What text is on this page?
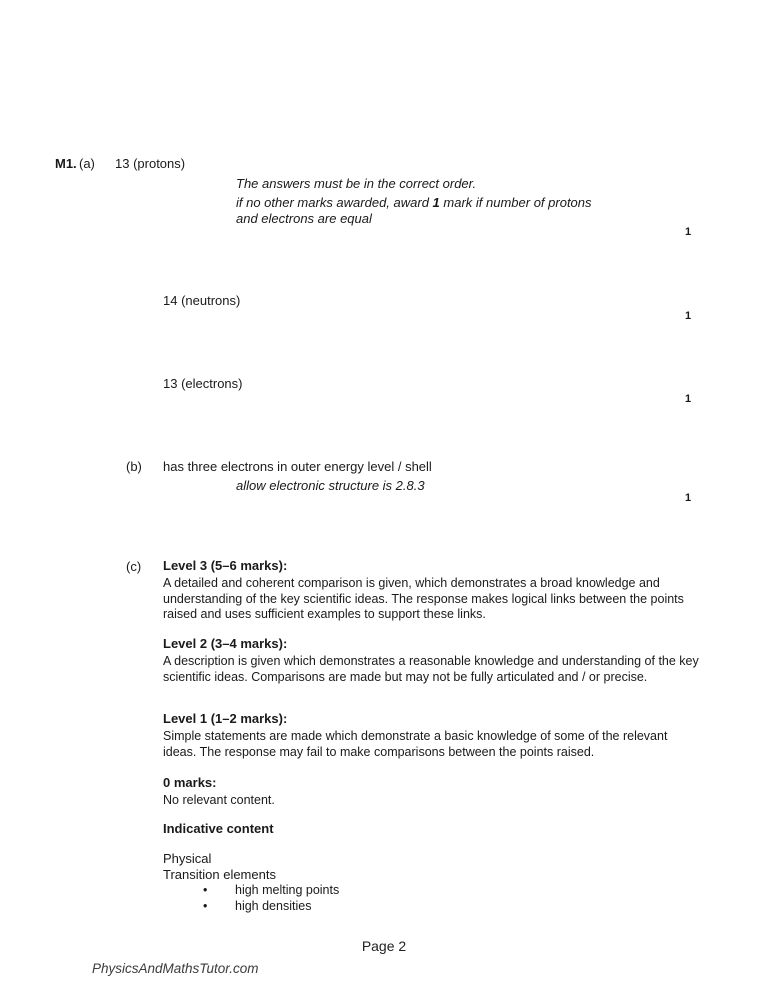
M1. (a) 13 (protons)
The answers must be in the correct order.
if no other marks awarded, award 1 mark if number of protons
and electrons are equal
1
14 (neutrons)
1
13 (electrons)
1
(b) has three electrons in outer energy level / shell
allow electronic structure is 2.8.3
1
(c) Level 3 (5–6 marks):
A detailed and coherent comparison is given, which demonstrates a broad knowledge and understanding of the key scientific ideas. The response makes logical links between the points raised and uses sufficient examples to support these links.
Level 2 (3–4 marks):
A description is given which demonstrates a reasonable knowledge and understanding of the key scientific ideas. Comparisons are made but may not be fully articulated and / or precise.
Level 1 (1–2 marks):
Simple statements are made which demonstrate a basic knowledge of some of the relevant ideas. The response may fail to make comparisons between the points raised.
0 marks:
No relevant content.
Indicative content
Physical
Transition elements
• high melting points
• high densities
Page 2
PhysicsAndMathsTutor.com
